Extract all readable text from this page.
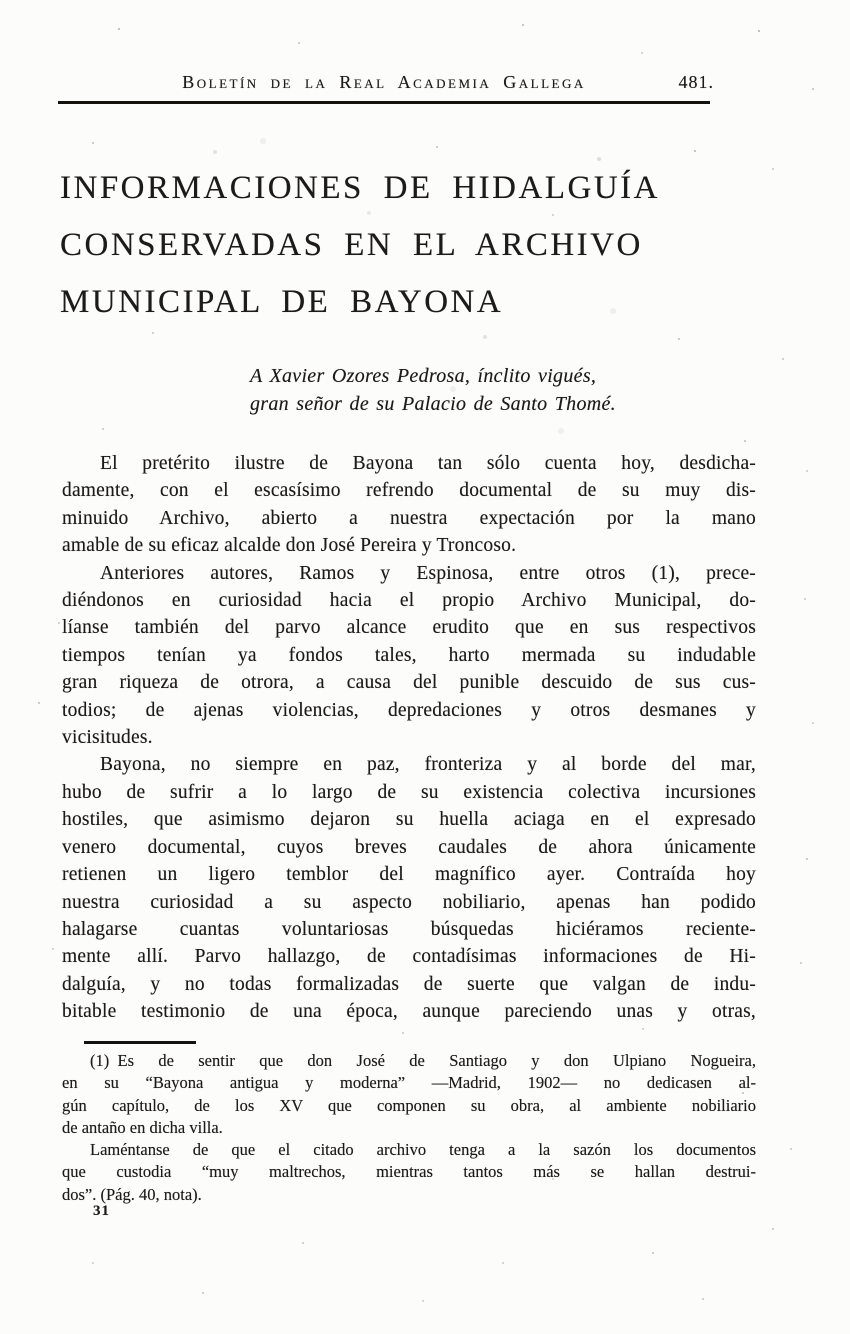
Boletín de la Real Academia Gallega	481.
INFORMACIONES DE HIDALGUÍA
CONSERVADAS EN EL ARCHIVO
MUNICIPAL DE BAYONA
A Xavier Ozores Pedrosa, ínclito vigués,
gran señor de su Palacio de Santo Thomé.
El pretérito ilustre de Bayona tan sólo cuenta hoy, desdicha-
damente, con el escasísimo refrendo documental de su muy dis-
minuido Archivo, abierto a nuestra expectación por la mano
amable de su eficaz alcalde don José Pereira y Troncoso.
Anteriores autores, Ramos y Espinosa, entre otros (1), prece-
diéndonos en curiosidad hacia el propio Archivo Municipal, do-
líanse también del parvo alcance erudito que en sus respectivos
tiempos tenían ya fondos tales, harto mermada su indudable
gran riqueza de otrora, a causa del punible descuido de sus cus-
todios; de ajenas violencias, depredaciones y otros desmanes y
vicisitudes.
Bayona, no siempre en paz, fronteriza y al borde del mar,
hubo de sufrir a lo largo de su existencia colectiva incursiones
hostiles, que asimismo dejaron su huella aciaga en el expresado
venero documental, cuyos breves caudales de ahora únicamente
retienen un ligero temblor del magnífico ayer. Contraída hoy
nuestra curiosidad a su aspecto nobiliario, apenas han podido
halagarse cuantas voluntariosas búsquedas hiciéramos reciente-
mente allí. Parvo hallazgo, de contadísimas informaciones de Hi-
dalguía, y no todas formalizadas de suerte que valgan de indu-
bitable testimonio de una época, aunque pareciendo unas y otras,
(1) Es de sentir que don José de Santiago y don Ulpiano Nogueira,
en su “Bayona antigua y moderna” —Madrid, 1902— no dedicasen al-
gún capítulo, de los XV que componen su obra, al ambiente nobiliario
de antaño en dicha villa.
Laméntanse de que el citado archivo tenga a la sazón los documentos
que custodia “muy maltrechos, mientras tantos más se hallan destrui-
dos”. (Pág. 40, nota).
31
